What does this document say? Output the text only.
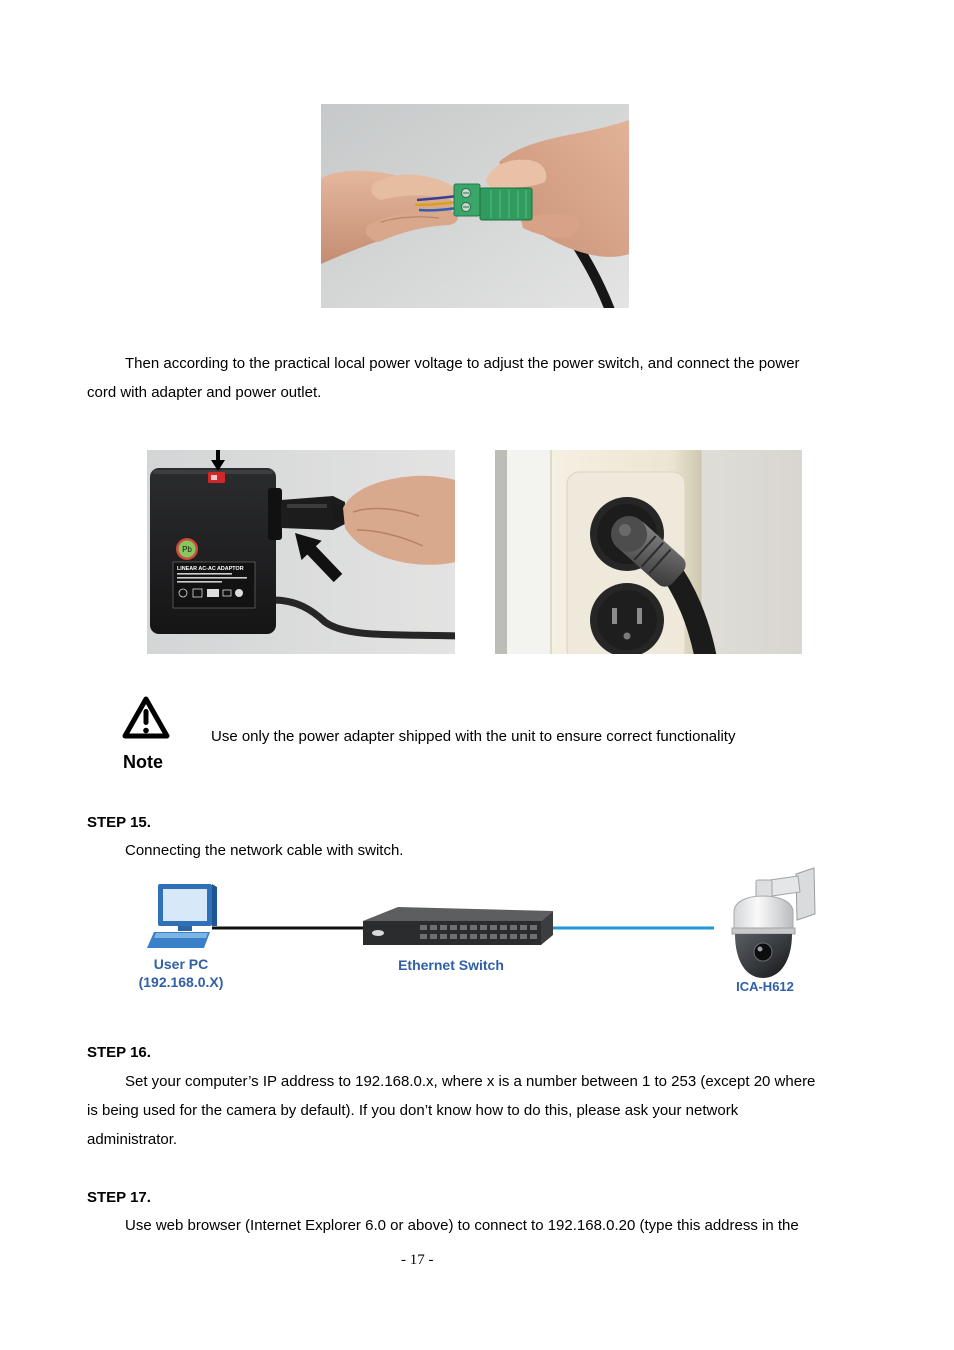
Then according to the practical local power voltage to adjust the power switch, and connect the power
cord with adapter and power outlet.
Pb
LINEAR AC-AC ADAPTOR
Use only the power adapter shipped with the unit to ensure correct functionality
Note
STEP 15.
Connecting the network cable with switch.
User PC
(192.168.0.X)
Ethernet Switch
ICA-H612
STEP 16.
Set your computer’s IP address to 192.168.0.x, where x is a number between 1 to 253 (except 20 where
is being used for the camera by default). If you don’t know how to do this, please ask your network
administrator.
STEP 17.
Use web browser (Internet Explorer 6.0 or above) to connect to 192.168.0.20 (type this address in the
- 17 -
